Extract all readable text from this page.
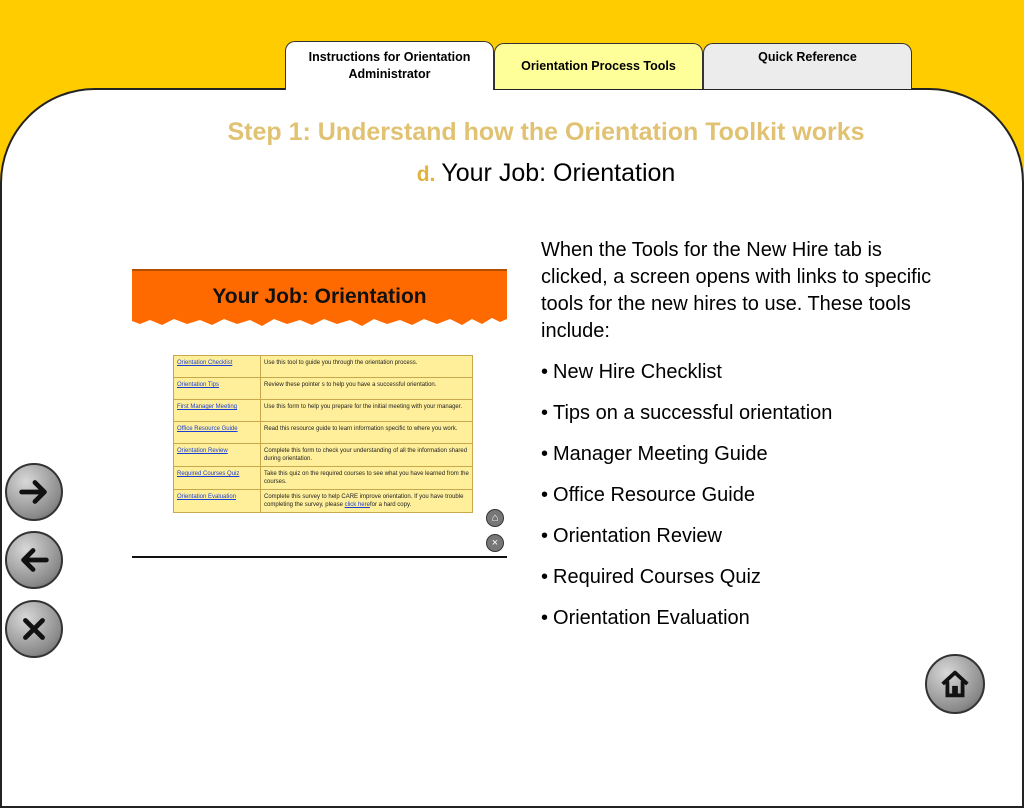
Instructions for Orientation Administrator
Orientation Process Tools
Quick Reference
Step 1: Understand how the Orientation Toolkit works
d. Your Job: Orientation
Your Job: Orientation
Orientation Checklist	Use this tool to guide you through the orientation process.
Orientation Tips	Review these pointer s to help you have a successful orientation.
First Manager Meeting	Use this form to help you prepare for the initial meeting with your manager.
Office Resource Guide	Read this resource guide to learn information specific to where you work.
Orientation Review	Complete this form to check your understanding of all the information shared during orientation.
Required Courses Quiz	Take this quiz on the required courses to see what you have learned from the courses.
Orientation Evaluation	Complete this survey to help CARE improve orientation. If you have trouble completing the survey, please click herefor a hard copy.
⌂
×
When the Tools for the New Hire tab is clicked, a screen opens with links to specific tools for the new hires to use. These tools include:
• New Hire Checklist
• Tips on a successful orientation
• Manager Meeting Guide
• Office Resource Guide
• Orientation Review
• Required Courses Quiz
• Orientation Evaluation
